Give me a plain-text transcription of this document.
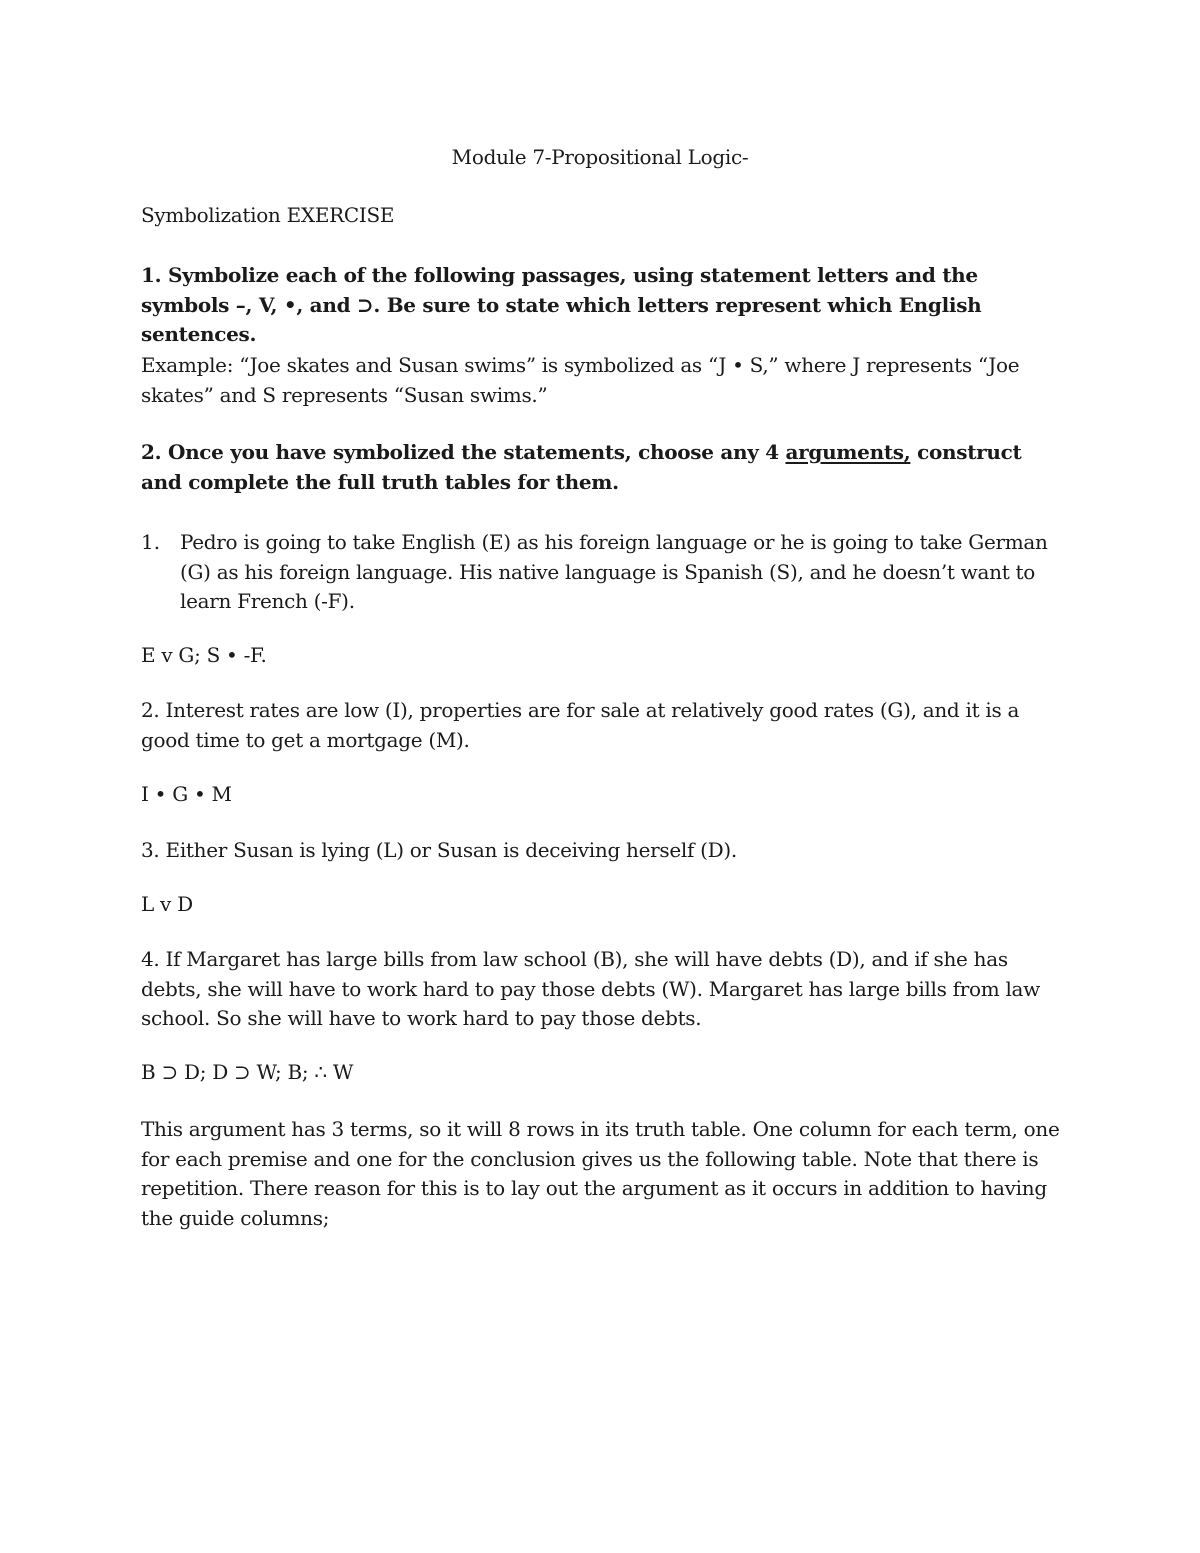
Module 7-Propositional Logic-

Symbolization EXERCISE

1. Symbolize each of the following passages, using statement letters and the symbols –, V, •, and ⊃. Be sure to state which letters represent which English sentences.

Example: “Joe skates and Susan swims” is symbolized as “J • S,” where J represents “Joe skates” and S represents “Susan swims.”

2. Once you have symbolized the statements, choose any 4 arguments, construct and complete the full truth tables for them.

1. Pedro is going to take English (E) as his foreign language or he is going to take German (G) as his foreign language. His native language is Spanish (S), and he doesn’t want to learn French (-F).

E v G; S • -F.

2. Interest rates are low (I), properties are for sale at relatively good rates (G), and it is a good time to get a mortgage (M).

I • G • M

3. Either Susan is lying (L) or Susan is deceiving herself (D).

L v D

4. If Margaret has large bills from law school (B), she will have debts (D), and if she has debts, she will have to work hard to pay those debts (W). Margaret has large bills from law school. So she will have to work hard to pay those debts.

B ⊃ D; D ⊃ W; B; ∴ W

This argument has 3 terms, so it will 8 rows in its truth table. One column for each term, one for each premise and one for the conclusion gives us the following table. Note that there is repetition. There reason for this is to lay out the argument as it occurs in addition to having the guide columns;
